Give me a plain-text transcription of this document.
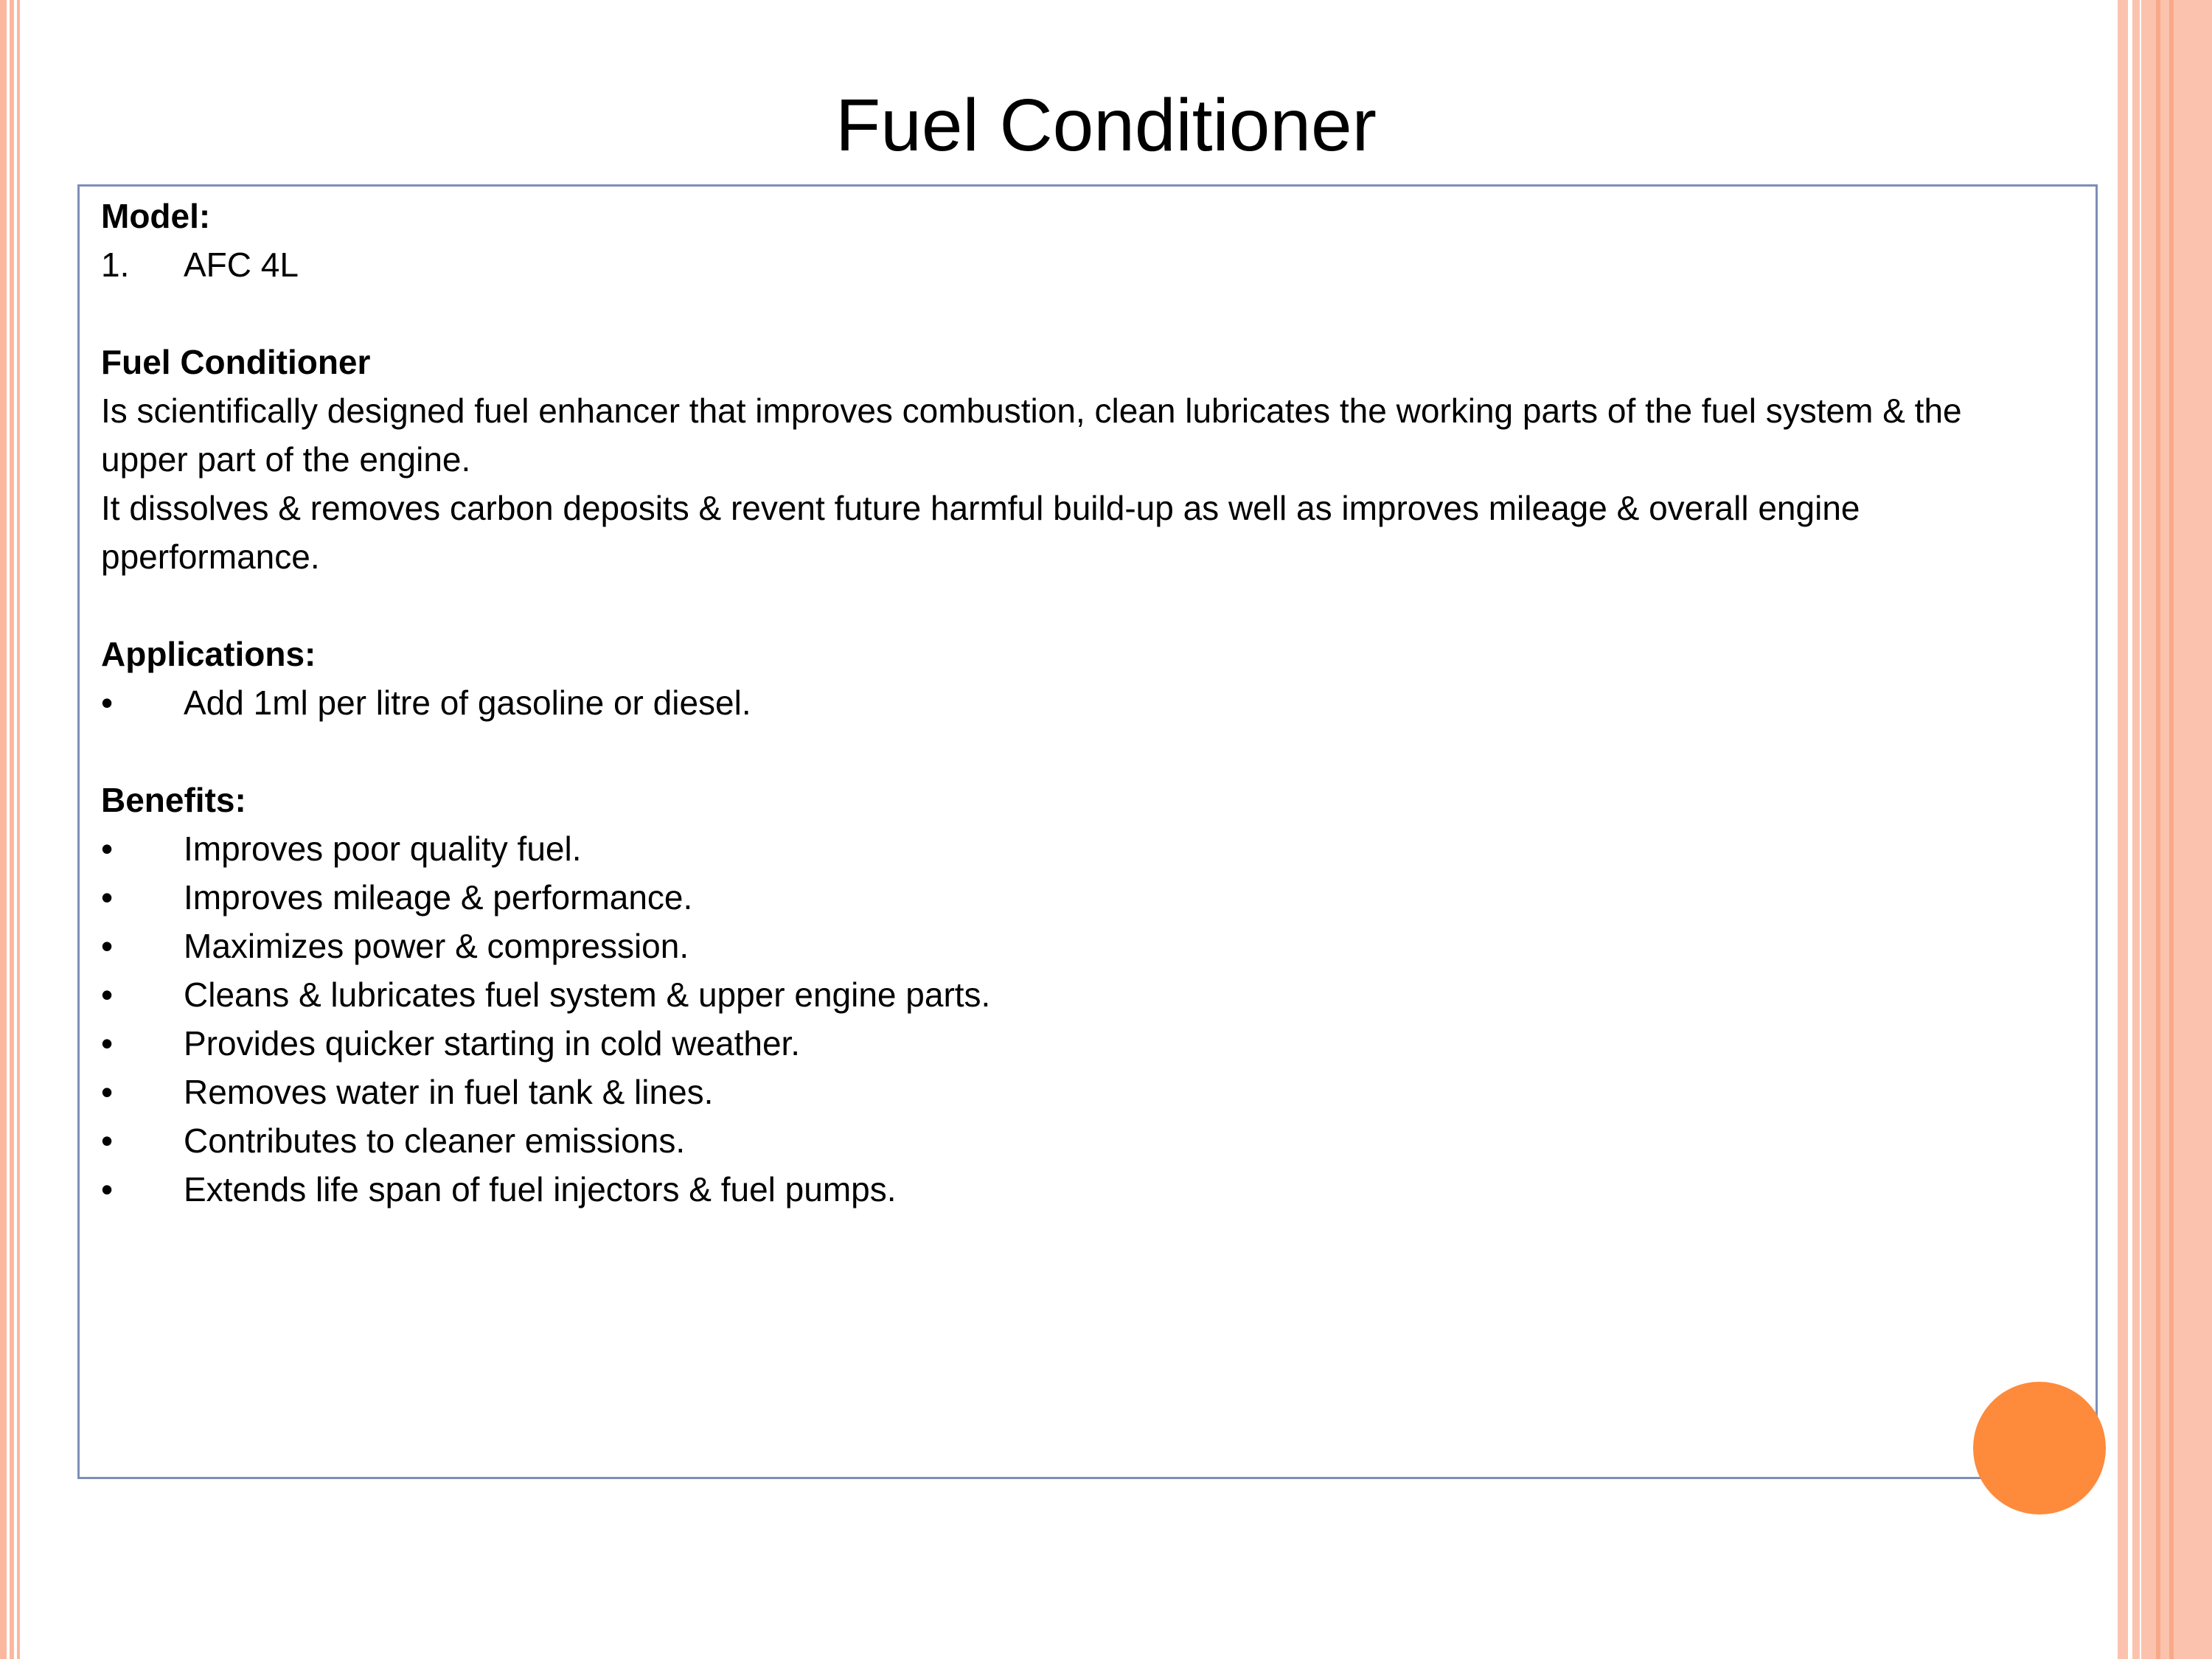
Fuel Conditioner
Model:
1. AFC 4L
Fuel Conditioner
Is scientifically designed fuel enhancer that improves combustion, clean lubricates the working parts of the fuel system & the upper part of the engine.
It dissolves & removes carbon deposits & revent future harmful build-up as well as improves mileage & overall engine pperformance.
Applications:
• Add 1ml per litre of gasoline or diesel.
Benefits:
• Improves poor quality fuel.
• Improves mileage & performance.
• Maximizes power & compression.
• Cleans & lubricates fuel system & upper engine parts.
• Provides quicker starting in cold weather.
• Removes water in fuel tank & lines.
• Contributes to cleaner emissions.
• Extends life span of fuel injectors & fuel pumps.
